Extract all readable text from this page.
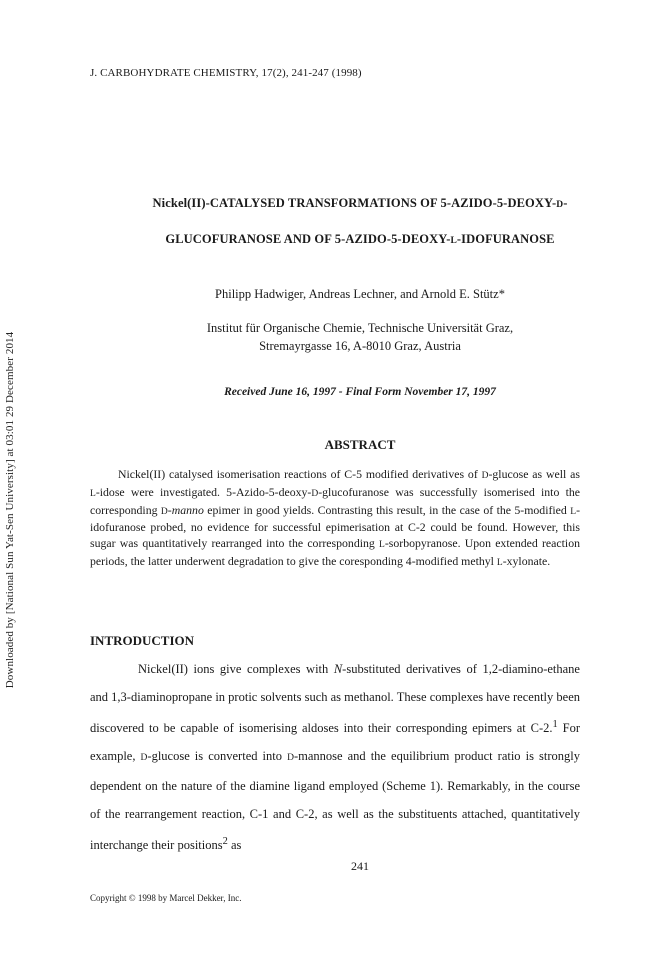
Downloaded by [National Sun Yat-Sen University] at 03:01 29 December 2014
J. CARBOHYDRATE CHEMISTRY, 17(2), 241-247 (1998)
Nickel(II)-CATALYSED TRANSFORMATIONS OF 5-AZIDO-5-DEOXY-D-
GLUCOFURANOSE AND OF 5-AZIDO-5-DEOXY-L-IDOFURANOSE
Philipp Hadwiger, Andreas Lechner, and Arnold E. Stütz*
Institut für Organische Chemie, Technische Universität Graz,
Stremayrgasse 16, A-8010 Graz, Austria
Received June 16, 1997 - Final Form November 17, 1997
ABSTRACT

Nickel(II) catalysed isomerisation reactions of C-5 modified derivatives of D-glucose as well as L-idose were investigated. 5-Azido-5-deoxy-D-glucofuranose was successfully isomerised into the corresponding D-manno epimer in good yields. Contrasting this result, in the case of the 5-modified L-idofuranose probed, no evidence for successful epimerisation at C-2 could be found. However, this sugar was quantitatively rearranged into the corresponding L-sorbopyranose. Upon extended reaction periods, the latter underwent degradation to give the coresponding 4-modified methyl L-xylonate.

INTRODUCTION

Nickel(II) ions give complexes with N-substituted derivatives of 1,2-diamino-ethane and 1,3-diaminopropane in protic solvents such as methanol. These complexes have recently been discovered to be capable of isomerising aldoses into their corresponding epimers at C-2.$^1$ For example, D-glucose is converted into D-mannose and the equilibrium product ratio is strongly dependent on the nature of the diamine ligand employed (Scheme 1). Remarkably, in the course of the rearrangement reaction, C-1 and C-2, as well as the substituents attached, quantitatively interchange their positions$^2$ as

241
Copyright © 1998 by Marcel Dekker, Inc.
